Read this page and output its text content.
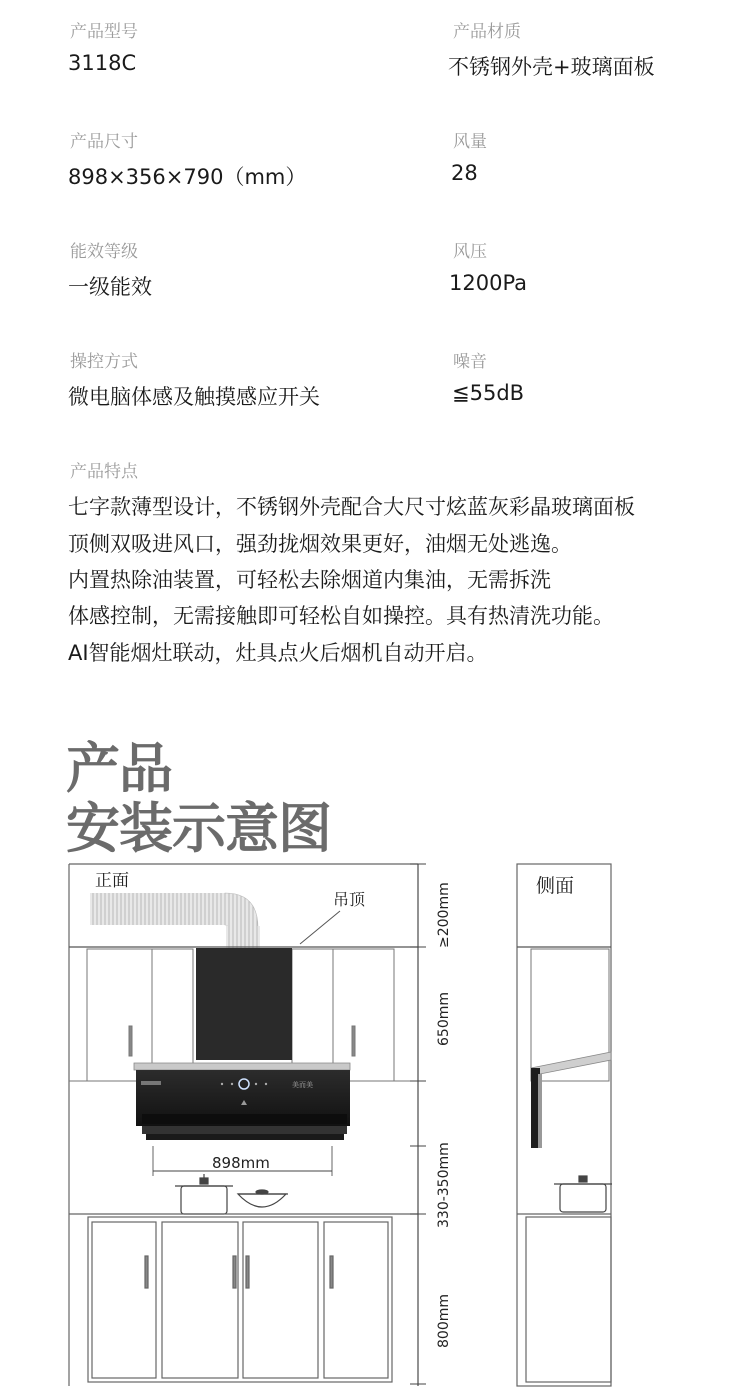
产品型号
3118C
产品材质
不锈钢外壳+玻璃面板
产品尺寸
898×356×790（mm）
风量
28
能效等级
一级能效
风压
1200Pa
操控方式
微电脑体感及触摸感应开关
噪音
≦55dB
产品特点
七字款薄型设计，不锈钢外壳配合大尺寸炫蓝灰彩晶玻璃面板
顶侧双吸进风口，强劲拢烟效果更好，油烟无处逃逸。
内置热除油装置，可轻松去除烟道内集油，无需拆洗
体感控制，无需接触即可轻松自如操控。具有热清洗功能。
AI智能烟灶联动，灶具点火后烟机自动开启。
产品
安装示意图
正面
吊顶
美而美
898mm
≥200mm
650mm
330-350mm
800mm
侧面
